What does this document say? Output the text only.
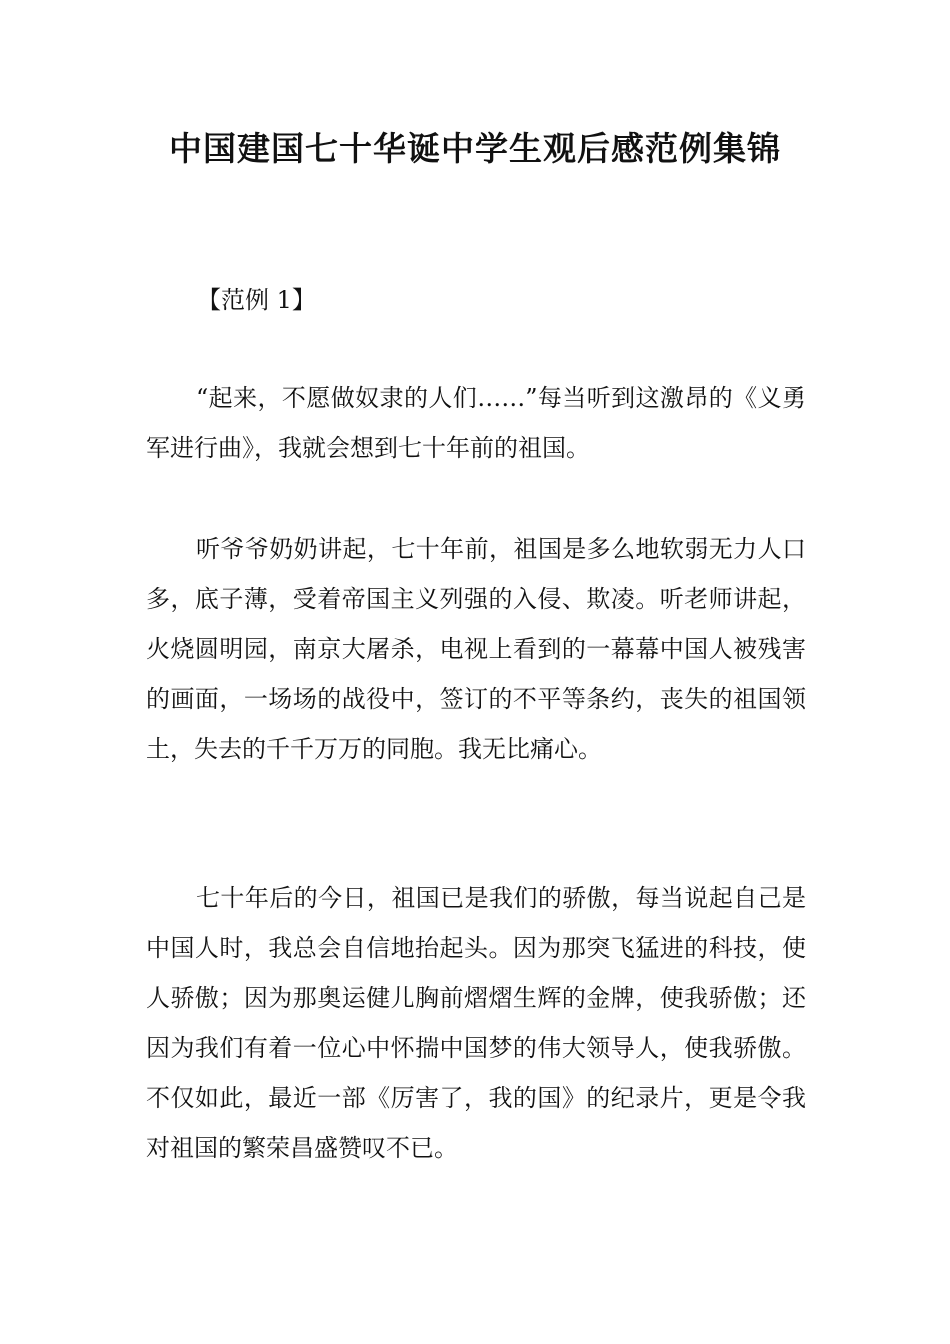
中国建国七十华诞中学生观后感范例集锦

【范例 1】

“起来，不愿做奴隶的人们……”每当听到这激昂的《义勇军进行曲》，我就会想到七十年前的祖国。

听爷爷奶奶讲起，七十年前，祖国是多么地软弱无力人口多，底子薄，受着帝国主义列强的入侵、欺凌。听老师讲起，火烧圆明园，南京大屠杀，电视上看到的一幕幕中国人被残害的画面，一场场的战役中，签订的不平等条约，丧失的祖国领土，失去的千千万万的同胞。我无比痛心。

七十年后的今日，祖国已是我们的骄傲，每当说起自己是中国人时，我总会自信地抬起头。因为那突飞猛进的科技，使人骄傲；因为那奥运健儿胸前熠熠生辉的金牌，使我骄傲；还因为我们有着一位心中怀揣中国梦的伟大领导人，使我骄傲。不仅如此，最近一部《厉害了，我的国》的纪录片，更是令我对祖国的繁荣昌盛赞叹不已。
